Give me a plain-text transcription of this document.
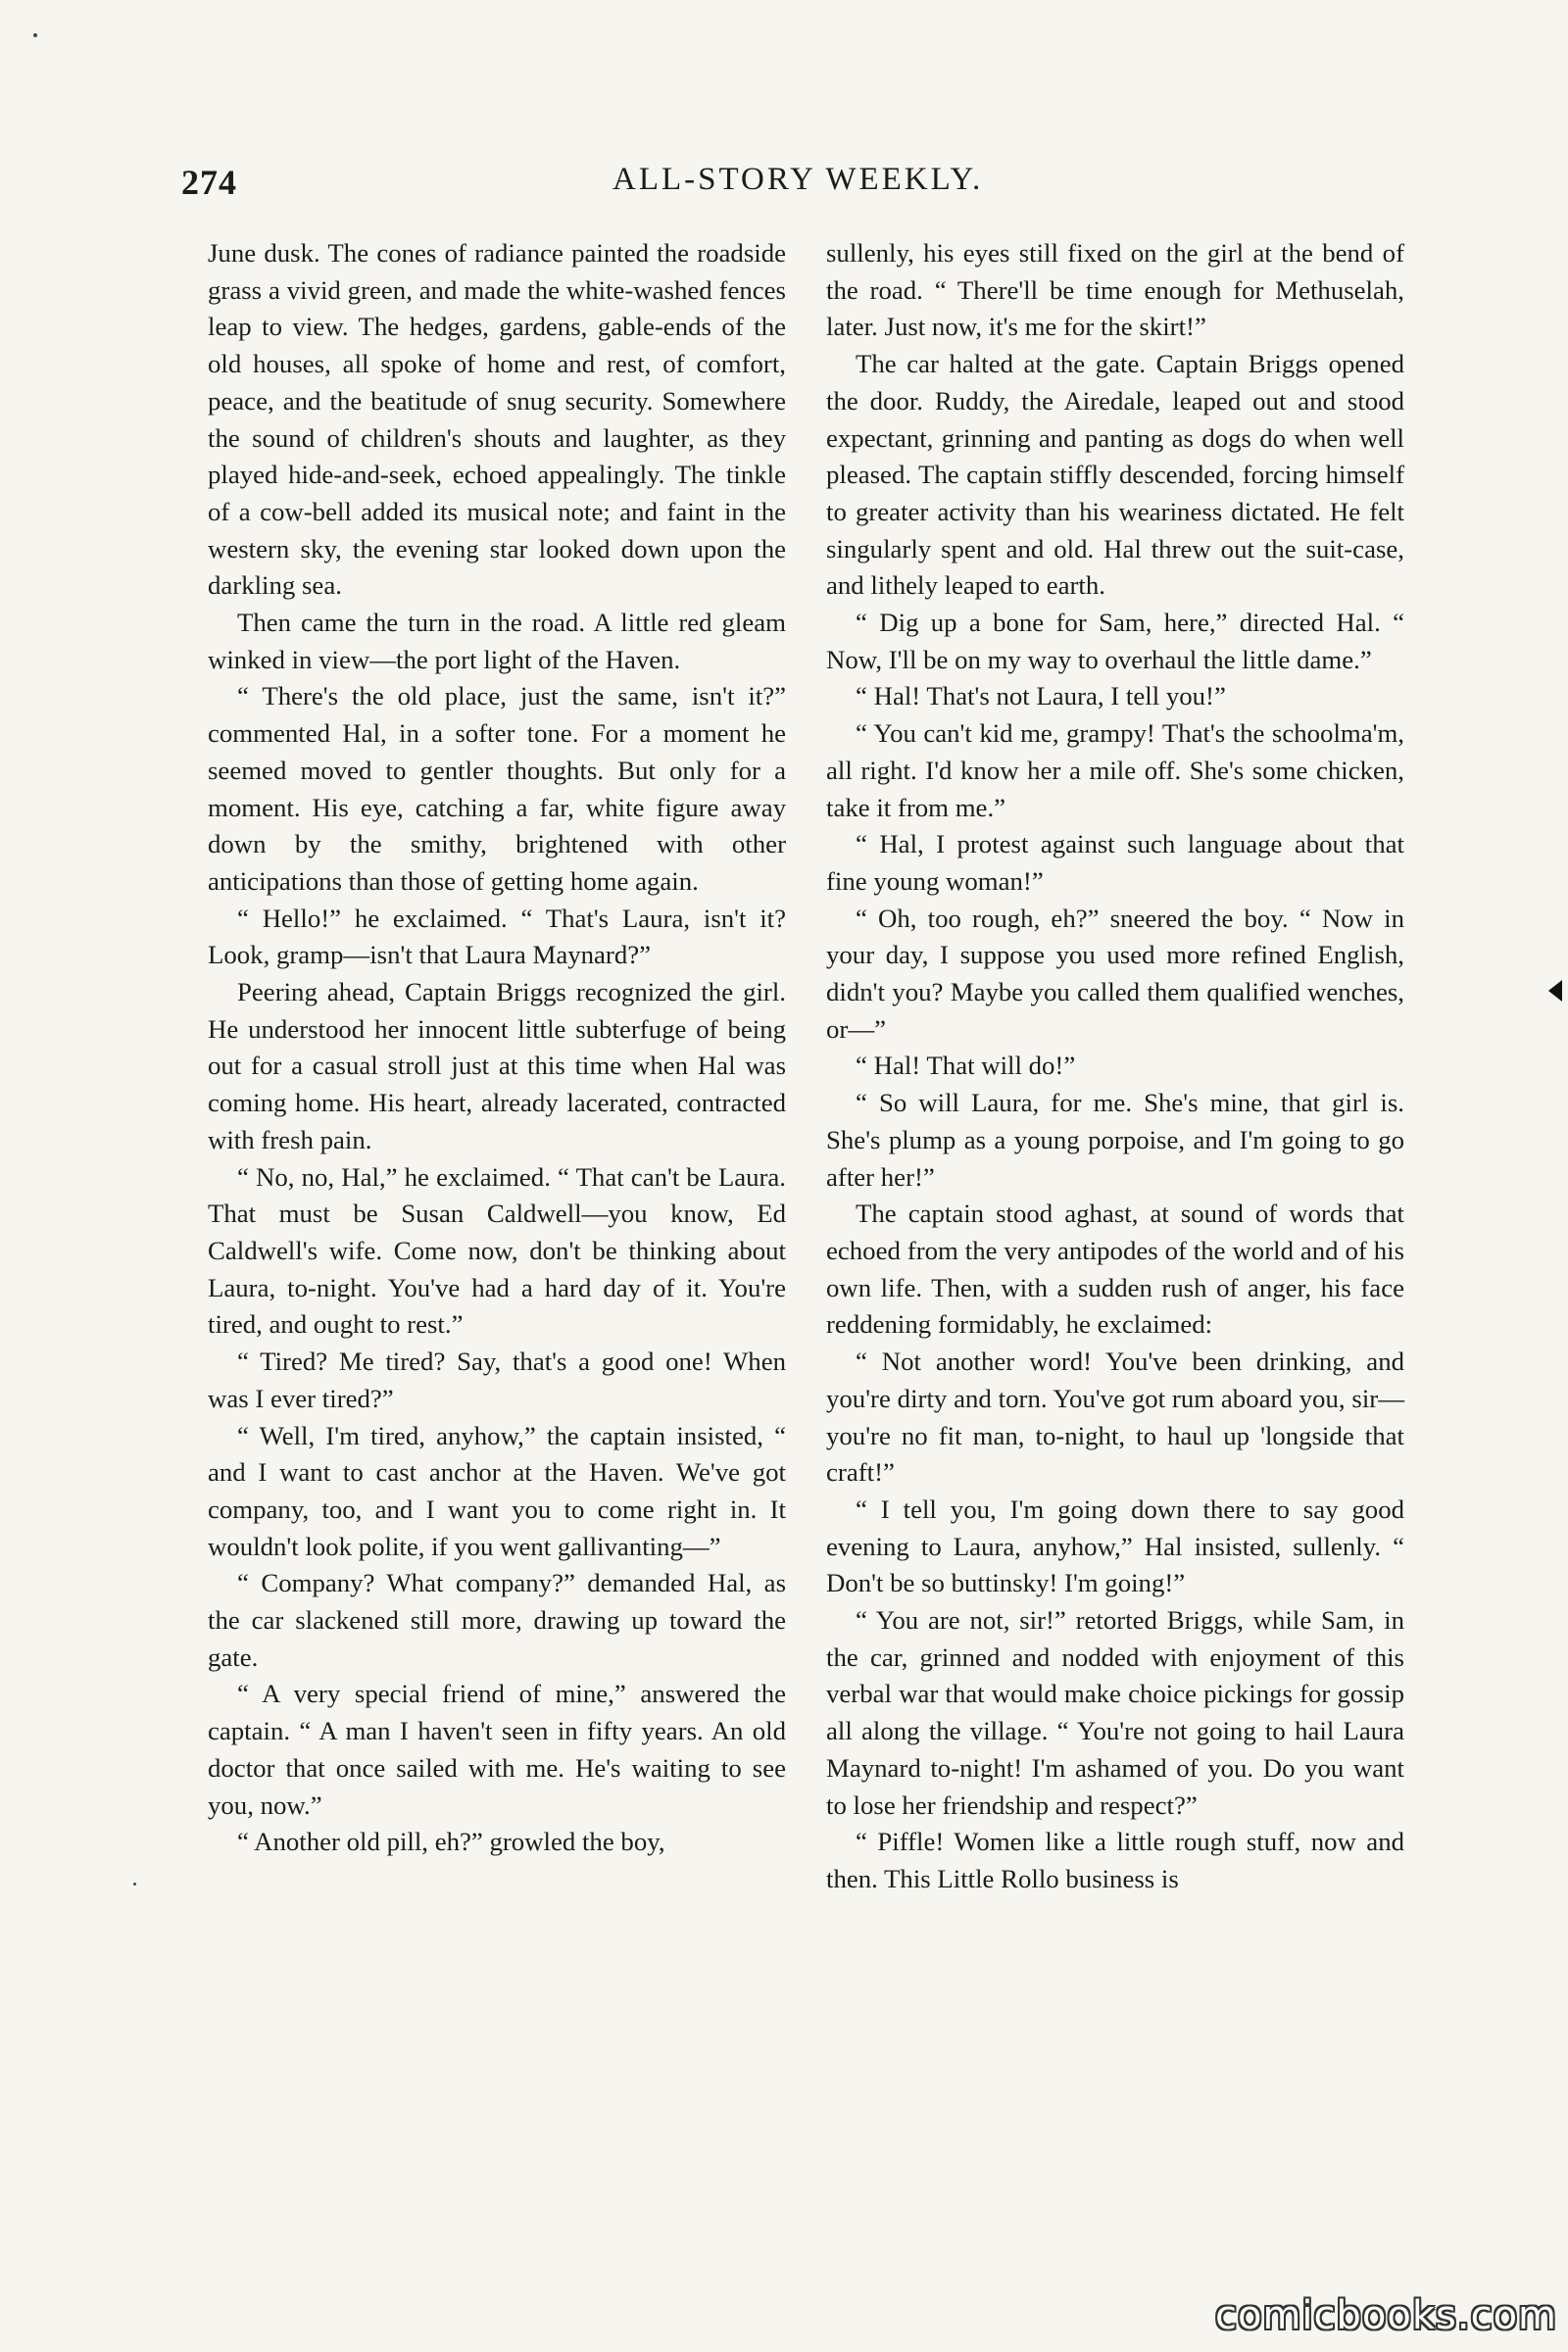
274	ALL-STORY WEEKLY.

June dusk. The cones of radiance painted the roadside grass a vivid green, and made the white-washed fences leap to view. The hedges, gardens, gable-ends of the old houses, all spoke of home and rest, of comfort, peace, and the beatitude of snug security. Somewhere the sound of children's shouts and laughter, as they played hide-and-seek, echoed appealingly. The tinkle of a cow-bell added its musical note; and faint in the western sky, the evening star looked down upon the darkling sea.

Then came the turn in the road. A little red gleam winked in view—the port light of the Haven.

“ There's the old place, just the same, isn't it?” commented Hal, in a softer tone. For a moment he seemed moved to gentler thoughts. But only for a moment. His eye, catching a far, white figure away down by the smithy, brightened with other anticipations than those of getting home again.

“ Hello!” he exclaimed. “ That's Laura, isn't it? Look, gramp—isn't that Laura Maynard?”

Peering ahead, Captain Briggs recognized the girl. He understood her innocent little subterfuge of being out for a casual stroll just at this time when Hal was coming home. His heart, already lacerated, contracted with fresh pain.

“ No, no, Hal,” he exclaimed. “ That can't be Laura. That must be Susan Caldwell—you know, Ed Caldwell's wife. Come now, don't be thinking about Laura, to-night. You've had a hard day of it. You're tired, and ought to rest.”

“ Tired? Me tired? Say, that's a good one! When was I ever tired?”

“ Well, I'm tired, anyhow,” the captain insisted, “ and I want to cast anchor at the Haven. We've got company, too, and I want you to come right in. It wouldn't look polite, if you went gallivanting—”

“ Company? What company?” demanded Hal, as the car slackened still more, drawing up toward the gate.

“ A very special friend of mine,” answered the captain. “ A man I haven't seen in fifty years. An old doctor that once sailed with me. He's waiting to see you, now.”

“ Another old pill, eh?” growled the boy,

sullenly, his eyes still fixed on the girl at the bend of the road. “ There'll be time enough for Methuselah, later. Just now, it's me for the skirt!”

The car halted at the gate. Captain Briggs opened the door. Ruddy, the Airedale, leaped out and stood expectant, grinning and panting as dogs do when well pleased. The captain stiffly descended, forcing himself to greater activity than his weariness dictated. He felt singularly spent and old. Hal threw out the suit-case, and lithely leaped to earth.

“ Dig up a bone for Sam, here,” directed Hal. “ Now, I'll be on my way to overhaul the little dame.”

“ Hal! That's not Laura, I tell you!”

“ You can't kid me, grampy! That's the schoolma'm, all right. I'd know her a mile off. She's some chicken, take it from me.”

“ Hal, I protest against such language about that fine young woman!”

“ Oh, too rough, eh?” sneered the boy. “ Now in your day, I suppose you used more refined English, didn't you? Maybe you called them qualified wenches, or—”

“ Hal! That will do!”

“ So will Laura, for me. She's mine, that girl is. She's plump as a young porpoise, and I'm going to go after her!”

The captain stood aghast, at sound of words that echoed from the very antipodes of the world and of his own life. Then, with a sudden rush of anger, his face reddening formidably, he exclaimed:

“ Not another word! You've been drinking, and you're dirty and torn. You've got rum aboard you, sir—you're no fit man, to-night, to haul up 'longside that craft!”

“ I tell you, I'm going down there to say good evening to Laura, anyhow,” Hal insisted, sullenly. “ Don't be so buttinsky! I'm going!”

“ You are not, sir!” retorted Briggs, while Sam, in the car, grinned and nodded with enjoyment of this verbal war that would make choice pickings for gossip all along the village. “ You're not going to hail Laura Maynard to-night! I'm ashamed of you. Do you want to lose her friendship and respect?”

“ Piffle! Women like a little rough stuff, now and then. This Little Rollo business is

comicbooks.com
